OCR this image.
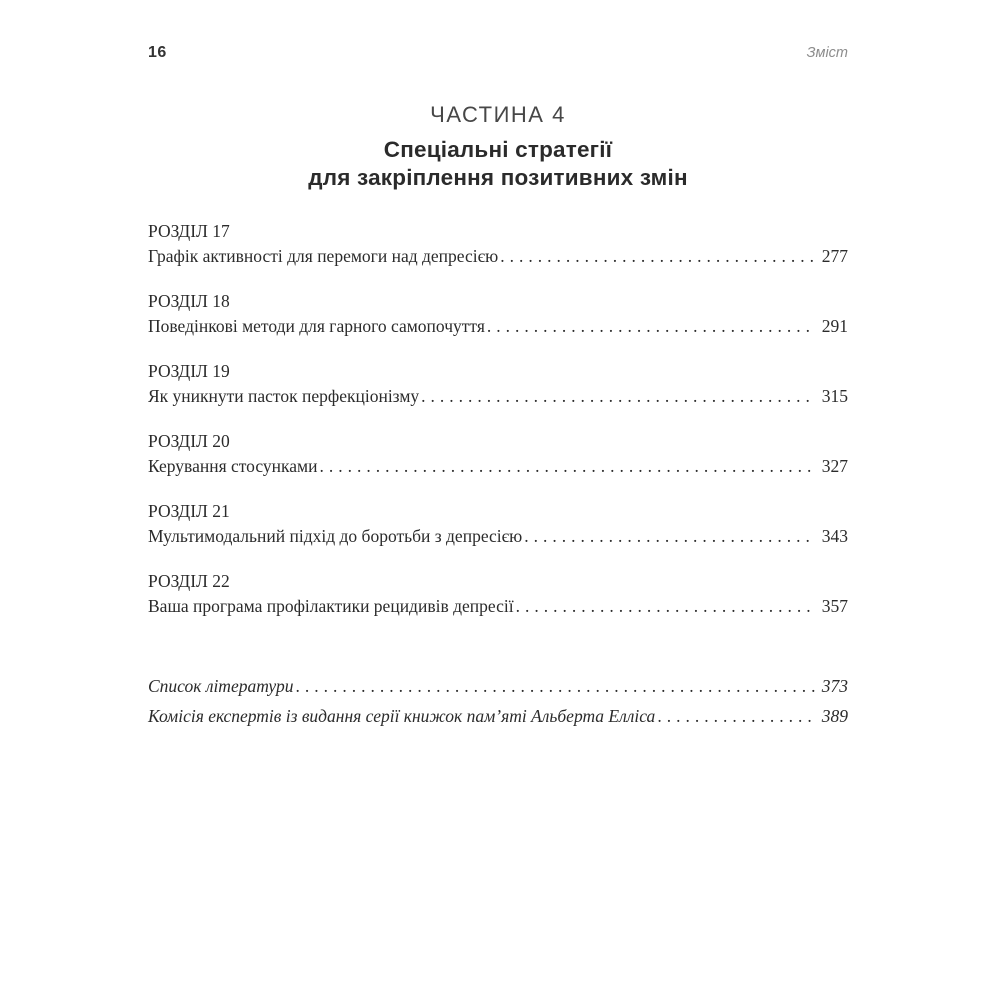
16	Зміст
ЧАСТИНА 4
Спеціальні стратегії
для закріплення позитивних змін
РОЗДІЛ 17
Графік активності для перемоги над депресією .....	277
РОЗДІЛ 18
Поведінкові методи для гарного самопочуття .....	291
РОЗДІЛ 19
Як уникнути пасток перфекціонізму .....	315
РОЗДІЛ 20
Керування стосунками .....	327
РОЗДІЛ 21
Мультимодальний підхід до боротьби з депресією .....	343
РОЗДІЛ 22
Ваша програма профілактики рецидивів депресії .....	357
Список літератури .....	373
Комісія експертів із видання серії книжок пам’яті Альберта Елліса .....	389
